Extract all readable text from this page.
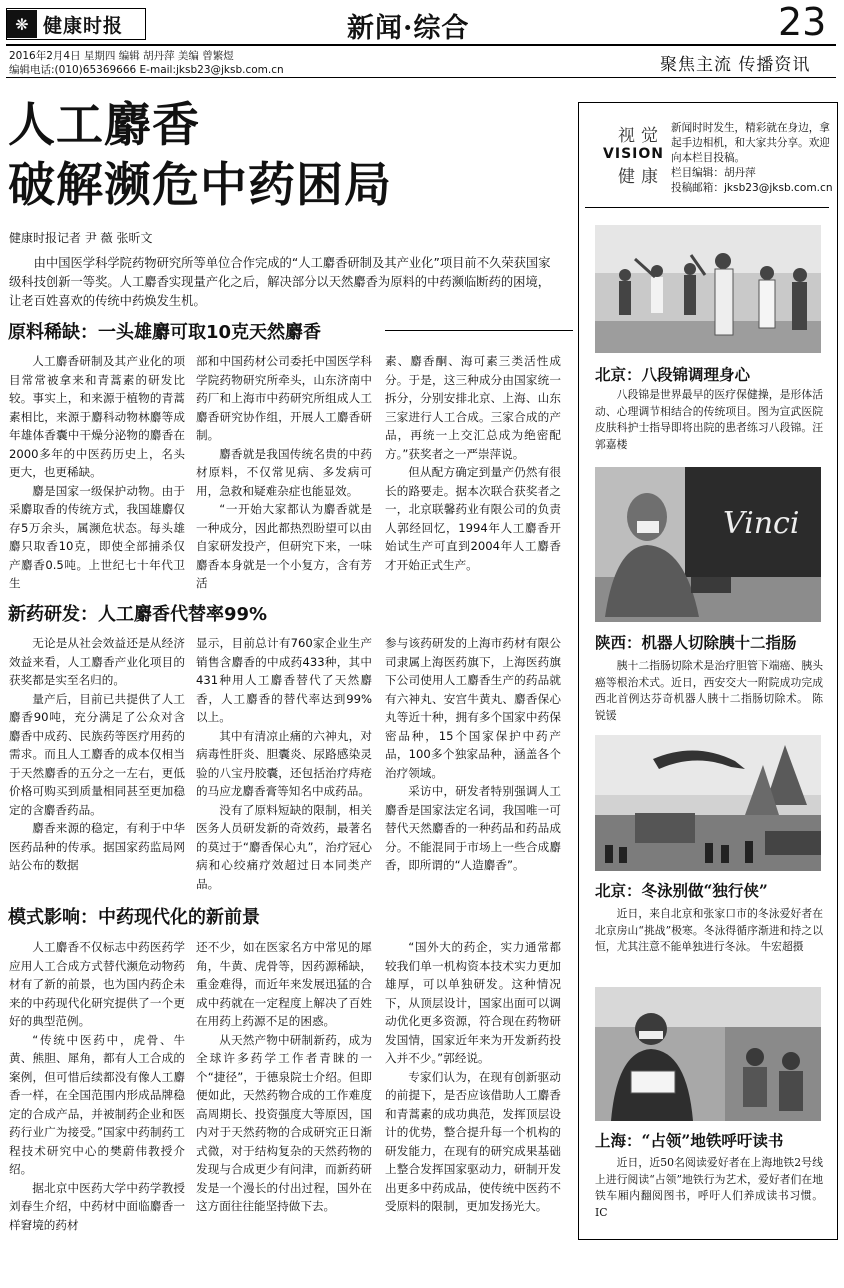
❋ 健康时报	新闻·综合	23
2016年2月4日 星期四 编辑 胡丹萍 美编 曾繁煜
编辑电话:(010)65369666 E-mail:jksb23@jksb.com.cn	聚焦主流 传播资讯
人工麝香
破解濒危中药困局
健康时报记者 尹 薇 张昕文
由中国医学科学院药物研究所等单位合作完成的“人工麝香研制及其产业化”项目前不久荣获国家级科技创新一等奖。人工麝香实现量产化之后，解决部分以天然麝香为原料的中药濒临断药的困境，让老百姓喜欢的传统中药焕发生机。
原料稀缺：一头雄麝可取10克天然麝香

人工麝香研制及其产业化的项目常常被拿来和青蒿素的研发比较。事实上，和来源于植物的青蒿素相比，来源于麝科动物林麝等成年雄体香囊中干燥分泌物的麝香在2000多年的中医药历史上，名头更大，也更稀缺。

麝是国家一级保护动物。由于采麝取香的传统方式，我国雄麝仅存5万余头，属濒危状态。每头雄麝只取香10克，即使全部捕杀仅产麝香0.5吨。上世纪七十年代卫生

部和中国药材公司委托中国医学科学院药物研究所牵头，山东济南中药厂和上海市中药研究所组成人工麝香研究协作组，开展人工麝香研制。

麝香就是我国传统名贵的中药材原料，不仅常见病、多发病可用，急救和疑难杂症也能显效。

“一开始大家都认为麝香就是一种成分，因此都热烈盼望可以由自家研发投产，但研究下来，一味麝香本身就是一个小复方，含有芳活

素、麝香酮、海可素三类活性成分。于是，这三种成分由国家统一拆分，分别安排北京、上海、山东三家进行人工合成。三家合成的产品，再统一上交汇总成为绝密配方。”获奖者之一严崇萍说。

但从配方确定到量产仍然有很长的路要走。据本次联合获奖者之一，北京联馨药业有限公司的负责人郭经回忆，1994年人工麝香开始试生产可直到2004年人工麝香才开始正式生产。

新药研发：人工麝香代替率99%

无论是从社会效益还是从经济效益来看，人工麝香产业化项目的获奖都是实至名归的。

量产后，目前已共提供了人工麝香90吨，充分满足了公众对含麝香中成药、民族药等医疗用药的需求。而且人工麝香的成本仅相当于天然麝香的五分之一左右，更低价格可购买到质量相同甚至更加稳定的含麝香药品。

麝香来源的稳定，有利于中华医药品种的传承。据国家药监局网站公布的数据

显示，目前总计有760家企业生产销售含麝香的中成药433种，其中431种用人工麝香替代了天然麝香，人工麝香的替代率达到99%以上。

其中有清凉止痛的六神丸，对病毒性肝炎、胆囊炎、尿路感染灵验的八宝丹胶囊，还包括治疗痔疮的马应龙麝香膏等知名中成药品。

没有了原料短缺的限制，相关医务人员研发新的奇效药，最著名的莫过于“麝香保心丸”，治疗冠心病和心绞痛疗效超过日本同类产品。

参与该药研发的上海市药材有限公司隶属上海医药旗下，上海医药旗下公司使用人工麝香生产的药品就有六神丸、安宫牛黄丸、麝香保心丸等近十种，拥有多个国家中药保密品种，15个国家保护中药产品，100多个独家品种，涵盖各个治疗领域。

采访中，研发者特别强调人工麝香是国家法定名词，我国唯一可替代天然麝香的一种药品和药品成分。不能混同于市场上一些合成麝香，即所谓的“人造麝香”。

模式影响：中药现代化的新前景

人工麝香不仅标志中药医药学应用人工合成方式替代濒危动物药材有了新的前景，也为国内药企未来的中药现代化研究提供了一个更好的典型范例。

“传统中医药中，虎骨、牛黄、熊胆、犀角，都有人工合成的案例，但可惜后续都没有像人工麝香一样，在全国范围内形成品牌稳定的合成产品，并被制药企业和医药行业广为接受。”国家中药制药工程技术研究中心的樊蔚伟教授介绍。

据北京中医药大学中药学教授刘春生介绍，中药材中面临麝香一样窘境的药材

还不少，如在医家名方中常见的犀角，牛黄、虎骨等，因药源稀缺，重金难得，而近年来发展迅猛的合成中药就在一定程度上解决了百姓在用药上药源不足的困惑。

从天然产物中研制新药，成为全球许多药学工作者青睐的一个“捷径”，于德泉院士介绍。但即便如此，天然药物合成的工作难度高周期长、投资强度大等原因，国内对于天然药物的合成研究正日渐式微，对于结构复杂的天然药物的发现与合成更少有问津，而新药研发是一个漫长的付出过程，国外在这方面往往能坚持做下去。

“国外大的药企，实力通常都较我们单一机构资本技术实力更加雄厚，可以单独研发。这种情况下，从顶层设计，国家出面可以调动优化更多资源，符合现在药物研发国情，国家近年来为开发新药投入并不少。”郭经说。

专家们认为，在现有创新驱动的前提下，是否应该借助人工麝香和青蒿素的成功典范，发挥顶层设计的优势，整合提升每一个机构的研发能力，在现有的研究成果基础上整合发挥国家驱动力，研制开发出更多中药成品，使传统中医药不受原料的限制，更加发扬光大。

视觉
VISION
健康
新闻时时发生，精彩就在身边，拿起手边相机，和大家共分享。欢迎向本栏目投稿。
栏目编辑：胡丹萍
投稿邮箱：jksb23@jksb.com.cn
北京：八段锦调理身心
八段锦是世界最早的医疗保健操，是形体活动、心理调节相结合的传统项目。图为宣武医院皮肤科护士指导即将出院的患者练习八段锦。汪郭嘉楼
Vinci
陕西：机器人切除胰十二指肠
胰十二指肠切除术是治疗胆管下端癌、胰头癌等根治术式。近日，西安交大一附院成功完成西北首例达芬奇机器人胰十二指肠切除术。 陈 锐锾
北京：冬泳别做“独行侠”
近日，来自北京和张家口市的冬泳爱好者在北京房山“挑战”极寒。冬泳得循序渐进和持之以恒，尤其注意不能单独进行冬泳。 牛宏超摄
上海：“占领”地铁呼吁读书
近日，近50名阅读爱好者在上海地铁2号线上进行阅读“占领”地铁行为艺术，爱好者们在地铁车厢内翻阅图书，呼吁人们养成读书习惯。 IC
